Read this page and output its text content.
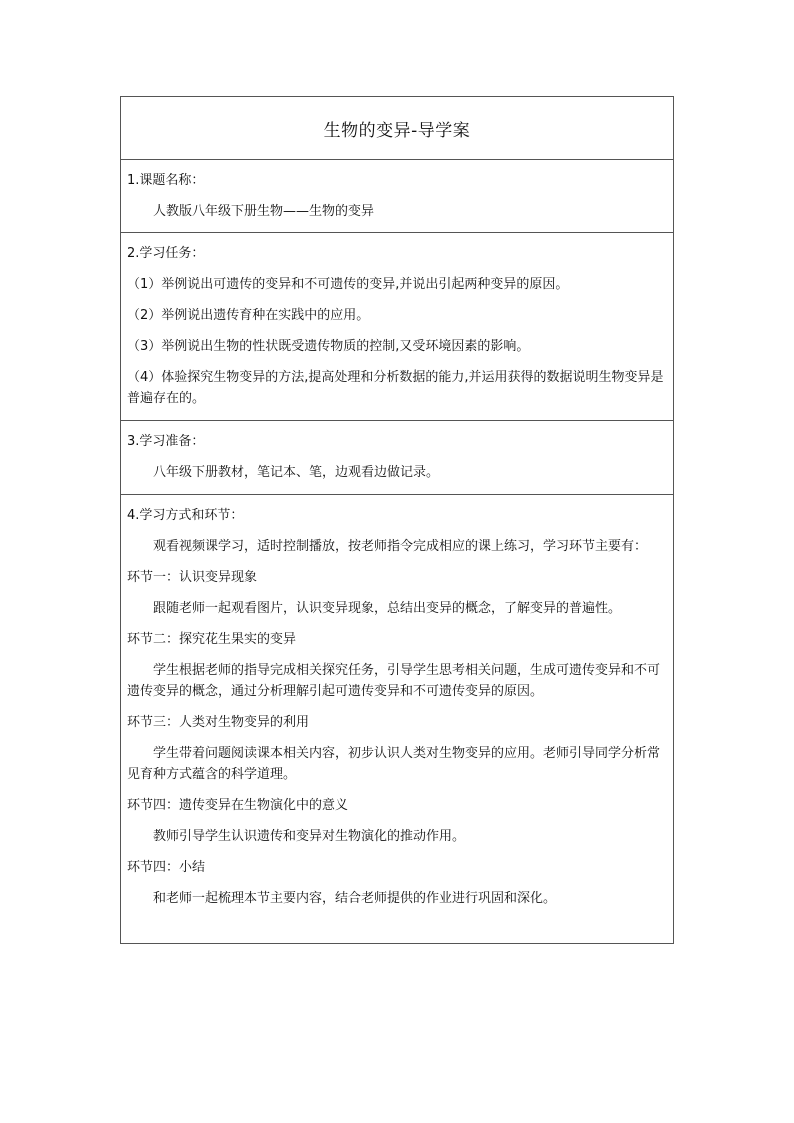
生物的变异-导学案

1.课题名称：

人教版八年级下册生物——生物的变异

2.学习任务：

（1）举例说出可遗传的变异和不可遗传的变异,并说出引起两种变异的原因。

（2）举例说出遗传育种在实践中的应用。

（3）举例说出生物的性状既受遗传物质的控制,又受环境因素的影响。

（4）体验探究生物变异的方法,提高处理和分析数据的能力,并运用获得的数据说明生物变异是普遍存在的。

3.学习准备：

八年级下册教材，笔记本、笔，边观看边做记录。

4.学习方式和环节：

观看视频课学习，适时控制播放，按老师指令完成相应的课上练习，学习环节主要有：

环节一：认识变异现象

跟随老师一起观看图片，认识变异现象，总结出变异的概念，了解变异的普遍性。

环节二：探究花生果实的变异

学生根据老师的指导完成相关探究任务，引导学生思考相关问题，生成可遗传变异和不可遗传变异的概念，通过分析理解引起可遗传变异和不可遗传变异的原因。

环节三：人类对生物变异的利用

学生带着问题阅读课本相关内容，初步认识人类对生物变异的应用。老师引导同学分析常见育种方式蕴含的科学道理。

环节四：遗传变异在生物演化中的意义

教师引导学生认识遗传和变异对生物演化的推动作用。

环节四：小结

和老师一起梳理本节主要内容，结合老师提供的作业进行巩固和深化。
